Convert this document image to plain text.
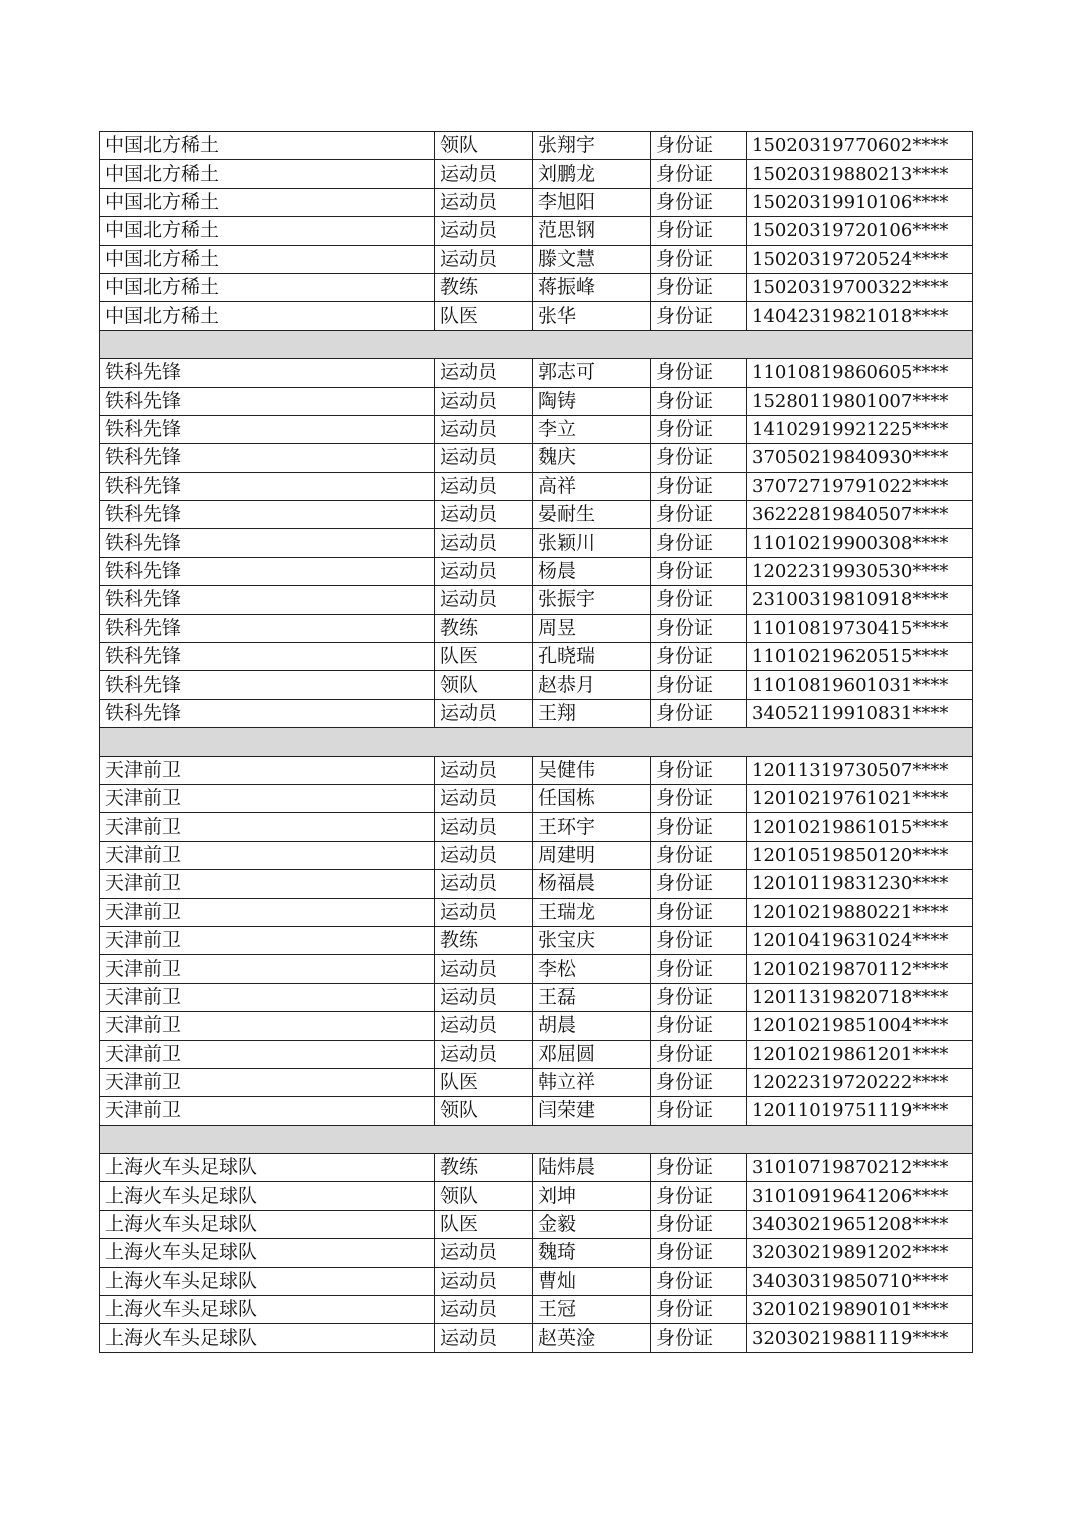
中国北方稀土	领队	张翔宇	身份证	15020319770602****
中国北方稀土	运动员	刘鹏龙	身份证	15020319880213****
中国北方稀土	运动员	李旭阳	身份证	15020319910106****
中国北方稀土	运动员	范思钢	身份证	15020319720106****
中国北方稀土	运动员	滕文慧	身份证	15020319720524****
中国北方稀土	教练	蒋振峰	身份证	15020319700322****
中国北方稀土	队医	张华	身份证	14042319821018****

铁科先锋	运动员	郭志可	身份证	11010819860605****
铁科先锋	运动员	陶铸	身份证	15280119801007****
铁科先锋	运动员	李立	身份证	14102919921225****
铁科先锋	运动员	魏庆	身份证	37050219840930****
铁科先锋	运动员	高祥	身份证	37072719791022****
铁科先锋	运动员	晏耐生	身份证	36222819840507****
铁科先锋	运动员	张颖川	身份证	11010219900308****
铁科先锋	运动员	杨晨	身份证	12022319930530****
铁科先锋	运动员	张振宇	身份证	23100319810918****
铁科先锋	教练	周昱	身份证	11010819730415****
铁科先锋	队医	孔晓瑞	身份证	11010219620515****
铁科先锋	领队	赵恭月	身份证	11010819601031****
铁科先锋	运动员	王翔	身份证	34052119910831****

天津前卫	运动员	吴健伟	身份证	12011319730507****
天津前卫	运动员	任国栋	身份证	12010219761021****
天津前卫	运动员	王环宇	身份证	12010219861015****
天津前卫	运动员	周建明	身份证	12010519850120****
天津前卫	运动员	杨福晨	身份证	12010119831230****
天津前卫	运动员	王瑞龙	身份证	12010219880221****
天津前卫	教练	张宝庆	身份证	12010419631024****
天津前卫	运动员	李松	身份证	12010219870112****
天津前卫	运动员	王磊	身份证	12011319820718****
天津前卫	运动员	胡晨	身份证	12010219851004****
天津前卫	运动员	邓屈圆	身份证	12010219861201****
天津前卫	队医	韩立祥	身份证	12022319720222****
天津前卫	领队	闫荣建	身份证	12011019751119****

上海火车头足球队	教练	陆炜晨	身份证	31010719870212****
上海火车头足球队	领队	刘坤	身份证	31010919641206****
上海火车头足球队	队医	金毅	身份证	34030219651208****
上海火车头足球队	运动员	魏琦	身份证	32030219891202****
上海火车头足球队	运动员	曹灿	身份证	34030319850710****
上海火车头足球队	运动员	王冠	身份证	32010219890101****
上海火车头足球队	运动员	赵英淦	身份证	32030219881119****
